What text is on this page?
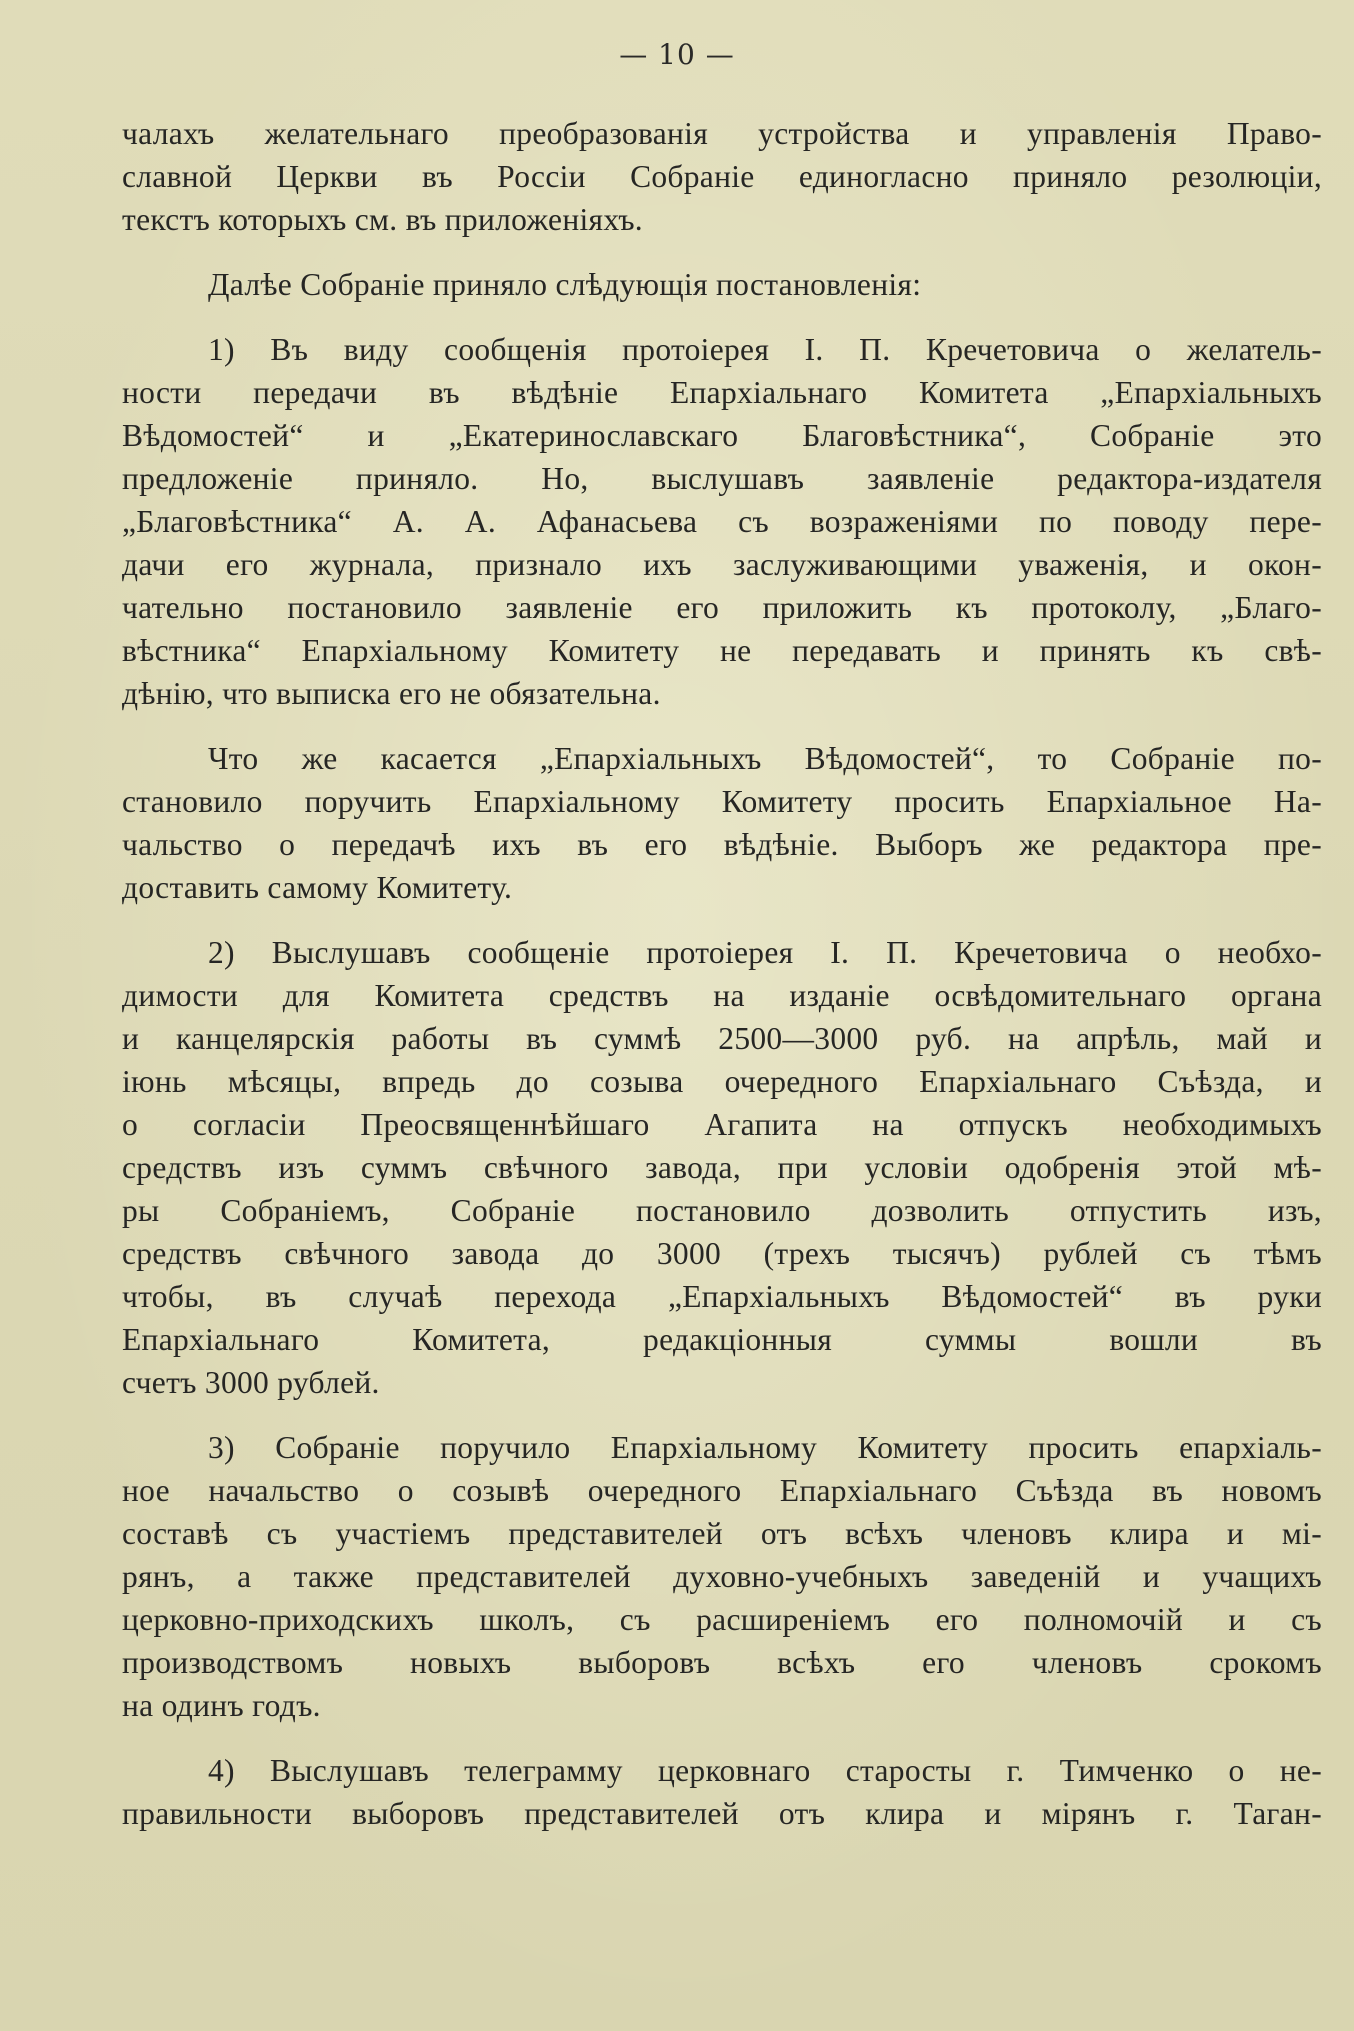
— 10 —
чалахъ желательнаго преобразованія устройства и управленія Право-
славной Церкви въ Россіи Собраніе единогласно приняло резолюціи,
текстъ которыхъ см. въ приложеніяхъ.
Далѣе Собраніе приняло слѣдующія постановленія:
1) Въ виду сообщенія протоіерея І. П. Кречетовича о желатель-
ности передачи въ вѣдѣніе Епархіальнаго Комитета „Епархіальныхъ
Вѣдомостей“ и „Екатеринославскаго Благовѣстника“, Собраніе это
предложеніе приняло. Но, выслушавъ заявленіе редактора-издателя
„Благовѣстника“ А. А. Афанасьева съ возраженіями по поводу пере-
дачи его журнала, признало ихъ заслуживающими уваженія, и окон-
чательно постановило заявленіе его приложить къ протоколу, „Благо-
вѣстника“ Епархіальному Комитету не передавать и принять къ свѣ-
дѣнію, что выписка его не обязательна.
Что же касается „Епархіальныхъ Вѣдомостей“, то Собраніе по-
становило поручить Епархіальному Комитету просить Епархіальное На-
чальство о передачѣ ихъ въ его вѣдѣніе. Выборъ же редактора пре-
доставить самому Комитету.
2) Выслушавъ сообщеніе протоіерея І. П. Кречетовича о необхо-
димости для Комитета средствъ на изданіе освѣдомительнаго органа
и канцелярскія работы въ суммѣ 2500—3000 руб. на апрѣль, май и
іюнь мѣсяцы, впредь до созыва очередного Епархіальнаго Съѣзда, и
о согласіи Преосвященнѣйшаго Агапита на отпускъ необходимыхъ
средствъ изъ суммъ свѣчного завода, при условіи одобренія этой мѣ-
ры Собраніемъ, Собраніе постановило дозволить отпустить изъ,
средствъ свѣчного завода до 3000 (трехъ тысячъ) рублей съ тѣмъ
чтобы, въ случаѣ перехода „Епархіальныхъ Вѣдомостей“ въ руки
Епархіальнаго Комитета, редакціонныя суммы вошли въ
счетъ 3000 рублей.
3) Собраніе поручило Епархіальному Комитету просить епархіаль-
ное начальство о созывѣ очередного Епархіальнаго Съѣзда въ новомъ
составѣ съ участіемъ представителей отъ всѣхъ членовъ клира и мі-
рянъ, а также представителей духовно-учебныхъ заведеній и учащихъ
церковно-приходскихъ школъ, съ расширеніемъ его полномочій и съ
производствомъ новыхъ выборовъ всѣхъ его членовъ срокомъ
на одинъ годъ.
4) Выслушавъ телеграмму церковнаго старосты г. Тимченко о не-
правильности выборовъ представителей отъ клира и мірянъ г. Таган-
